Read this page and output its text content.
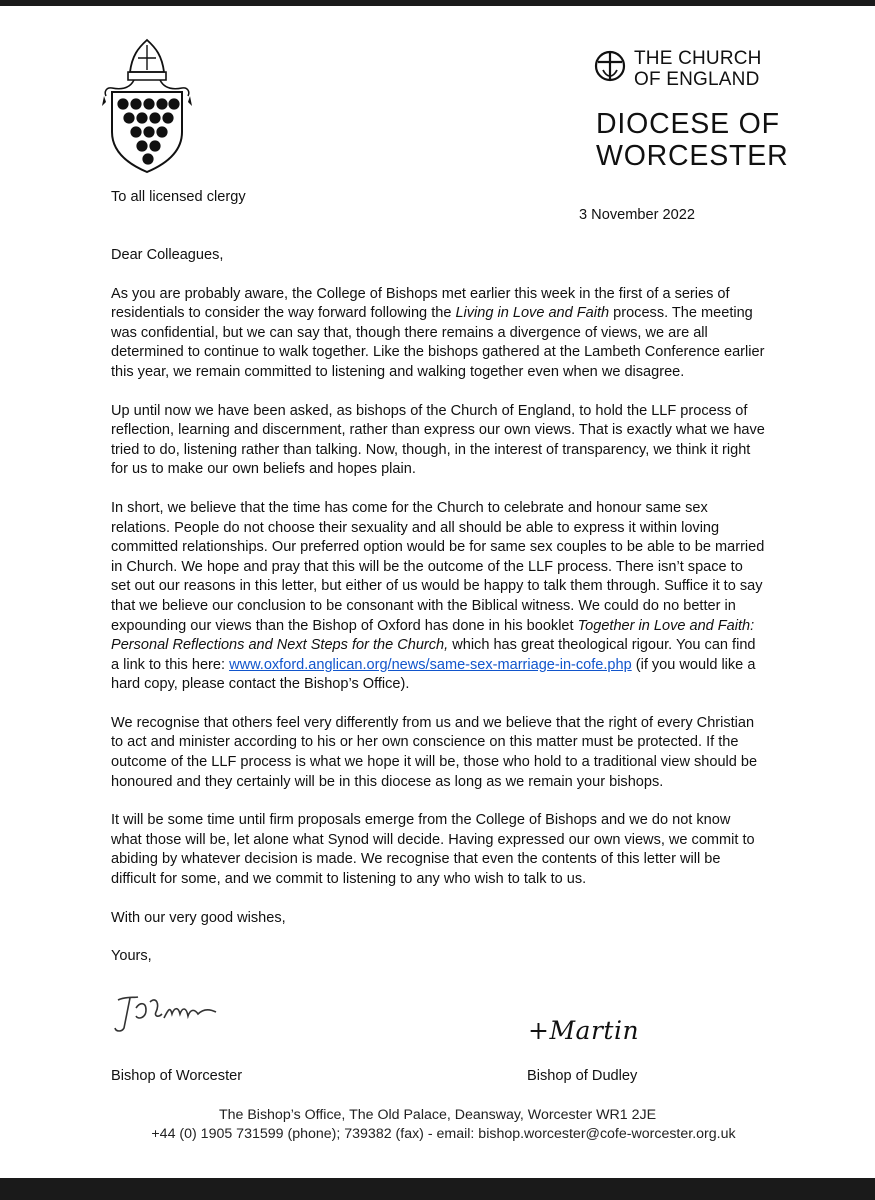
THE CHURCH
OF ENGLAND
DIOCESE OF
WORCESTER
To all licensed clergy
3 November 2022

Dear Colleagues,

As you are probably aware, the College of Bishops met earlier this week in the first of a series of residentials to consider the way forward following the Living in Love and Faith process. The meeting was confidential, but we can say that, though there remains a divergence of views, we are all determined to continue to walk together. Like the bishops gathered at the Lambeth Conference earlier this year, we remain committed to listening and walking together even when we disagree.

Up until now we have been asked, as bishops of the Church of England, to hold the LLF process of reflection, learning and discernment, rather than express our own views. That is exactly what we have tried to do, listening rather than talking. Now, though, in the interest of transparency, we think it right for us to make our own beliefs and hopes plain.

In short, we believe that the time has come for the Church to celebrate and honour same sex relations. People do not choose their sexuality and all should be able to express it within loving committed relationships. Our preferred option would be for same sex couples to be able to be married in Church. We hope and pray that this will be the outcome of the LLF process. There isn’t space to set out our reasons in this letter, but either of us would be happy to talk them through. Suffice it to say that we believe our conclusion to be consonant with the Biblical witness. We could do no better in expounding our views than the Bishop of Oxford has done in his booklet Together in Love and Faith: Personal Reflections and Next Steps for the Church, which has great theological rigour. You can find a link to this here: www.oxford.anglican.org/news/same-sex-marriage-in-cofe.php (if you would like a hard copy, please contact the Bishop’s Office).

We recognise that others feel very differently from us and we believe that the right of every Christian to act and minister according to his or her own conscience on this matter must be protected. If the outcome of the LLF process is what we hope it will be, those who hold to a traditional view should be honoured and they certainly will be in this diocese as long as we remain your bishops.

It will be some time until firm proposals emerge from the College of Bishops and we do not know what those will be, let alone what Synod will decide. Having expressed our own views, we commit to abiding by whatever decision is made. We recognise that even the contents of this letter will be difficult for some, and we commit to listening to any who wish to talk to us.

With our very good wishes,

Yours,

+Martin
Bishop of Worcester	Bishop of Dudley
The Bishop’s Office, The Old Palace, Deansway, Worcester WR1 2JE
+44 (0) 1905 731599 (phone); 739382 (fax) - email: bishop.worcester@cofe-worcester.org.uk
